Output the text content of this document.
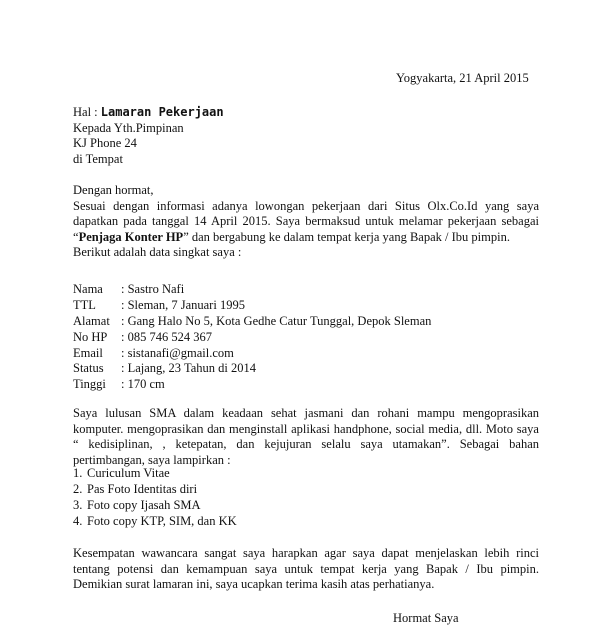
Yogyakarta, 21 April 2015

Hal : Lamaran Pekerjaan

Kepada Yth.Pimpinan

KJ Phone 24

di Tempat

Dengan hormat,

Sesuai dengan informasi adanya lowongan pekerjaan dari Situs Olx.Co.Id yang saya dapatkan pada tanggal 14 April 2015. Saya bermaksud untuk melamar pekerjaan sebagai “Penjaga Konter HP” dan bergabung ke dalam tempat kerja yang Bapak / Ibu pimpin.

Berikut adalah data singkat saya :

Nama	: Sastro Nafi
TTL	: Sleman, 7 Januari 1995
Alamat : Gang Halo No 5, Kota Gedhe Catur Tunggal, Depok Sleman
No HP	: 085 746 524 367
Email	: sistanafi@gmail.com
Status	: Lajang, 23 Tahun di 2014
Tinggi	: 170 cm

Saya lulusan SMA dalam keadaan sehat jasmani dan rohani mampu mengoprasikan komputer. mengoprasikan dan menginstall aplikasi handphone, social media, dll. Moto saya “ kedisiplinan, , ketepatan, dan kejujuran selalu saya utamakan”. Sebagai bahan pertimbangan, saya lampirkan :

1. Curiculum Vitae
2. Pas Foto Identitas diri
3. Foto copy Ijasah SMA
4. Foto copy KTP, SIM, dan KK

Kesempatan wawancara sangat saya harapkan agar saya dapat menjelaskan lebih rinci tentang potensi dan kemampuan saya untuk tempat kerja yang Bapak / Ibu pimpin. Demikian surat lamaran ini, saya ucapkan terima kasih atas perhatianya.

Hormat Saya
